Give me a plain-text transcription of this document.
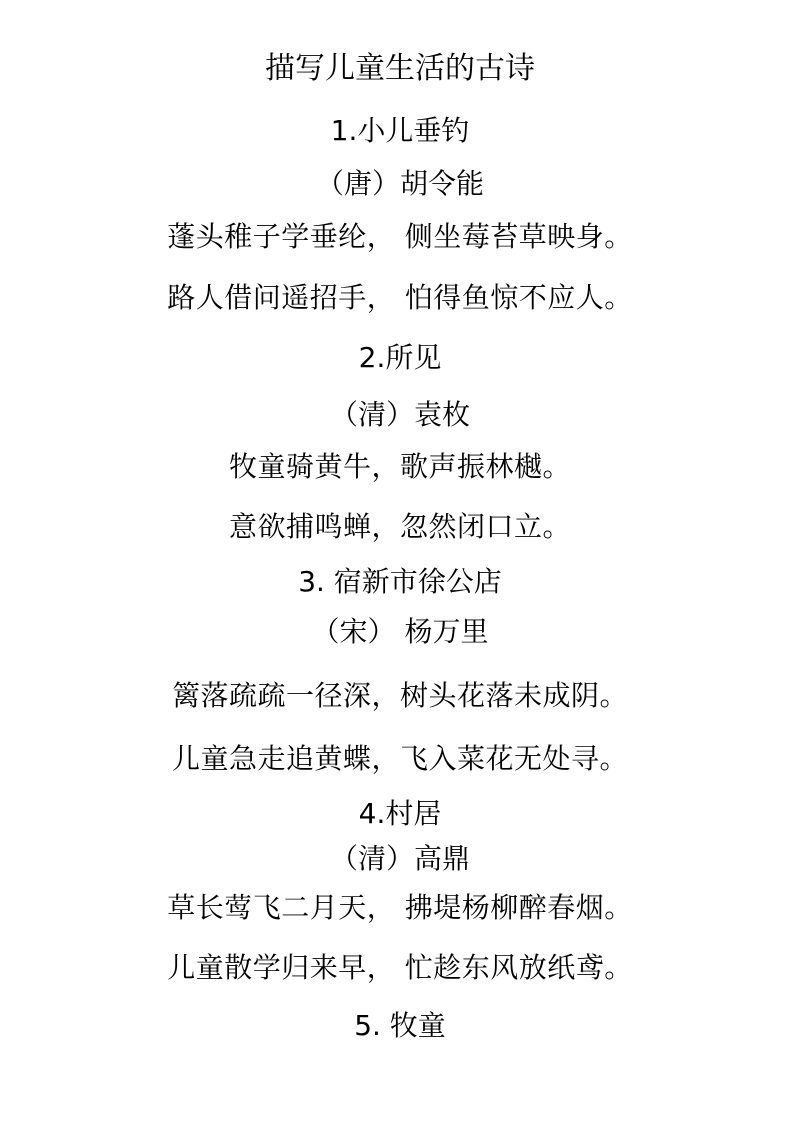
描写儿童生活的古诗
1.小儿垂钓
（唐）胡令能
蓬头稚子学垂纶， 侧坐莓苔草映身。
路人借问遥招手， 怕得鱼惊不应人。
2.所见
（清）袁枚
牧童骑黄牛，歌声振林樾。
意欲捕鸣蝉，忽然闭口立。
3. 宿新市徐公店
（宋） 杨万里
篱落疏疏一径深，树头花落未成阴。
儿童急走追黄蝶，飞入菜花无处寻。
4.村居
（清）高鼎
草长莺飞二月天， 拂堤杨柳醉春烟。
儿童散学归来早， 忙趁东风放纸鸢。
5. 牧童
